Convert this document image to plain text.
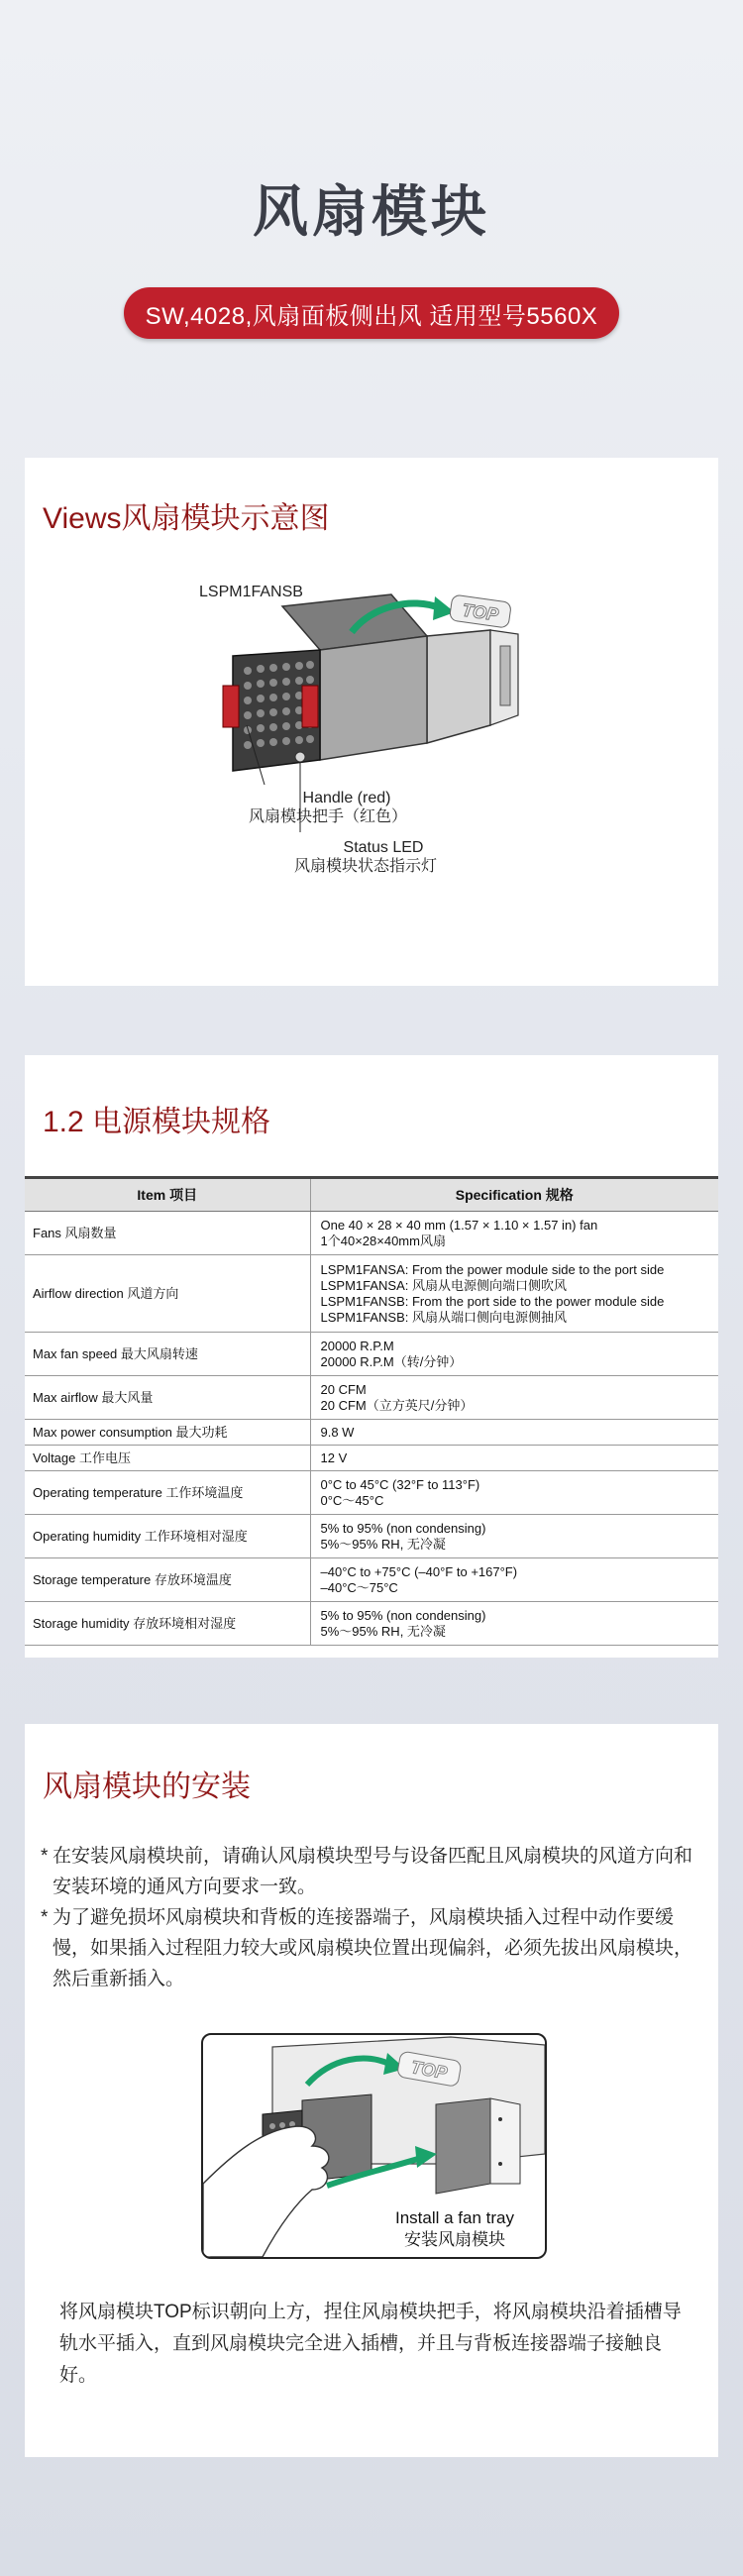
风扇模块
SW,4028,风扇面板侧出风 适用型号5560X
Views风扇模块示意图
LSPM1FANSB
TOP
Handle (red)
风扇模块把手（红色）
Status LED
风扇模块状态指示灯
1.2 电源模块规格
Item 项目	Specification 规格
Fans 风扇数量	One 40 × 28 × 40 mm (1.57 × 1.10 × 1.57 in) fan
1个40×28×40mm风扇

Airflow direction 风道方向	LSPM1FANSA: From the power module side to the port side
LSPM1FANSA: 风扇从电源侧向端口侧吹风
LSPM1FANSB: From the port side to the power module side
LSPM1FANSB: 风扇从端口侧向电源侧抽风

Max fan speed 最大风扇转速	20000 R.P.M
20000 R.P.M（转/分钟）

Max airflow 最大风量	20 CFM
20 CFM（立方英尺/分钟）

Max power consumption 最大功耗	9.8 W

Voltage 工作电压	12 V

Operating temperature 工作环境温度	0°C to 45°C (32°F to 113°F)
0°C～45°C

Operating humidity 工作环境相对湿度	5% to 95% (non condensing)
5%～95% RH, 无冷凝

Storage temperature 存放环境温度	–40°C to +75°C (–40°F to +167°F)
–40°C～75°C

Storage humidity 存放环境相对湿度	5% to 95% (non condensing)
5%～95% RH, 无冷凝
风扇模块的安装
* 在安装风扇模块前，请确认风扇模块型号与设备匹配且风扇模块的风道方向和安装环境的通风方向要求一致。
* 为了避免损坏风扇模块和背板的连接器端子，风扇模块插入过程中动作要缓慢，如果插入过程阻力较大或风扇模块位置出现偏斜，必须先拔出风扇模块，然后重新插入。
TOP
Install a fan tray
安装风扇模块
将风扇模块TOP标识朝向上方，捏住风扇模块把手，将风扇模块沿着插槽导轨水平插入，直到风扇模块完全进入插槽，并且与背板连接器端子接触良好。
